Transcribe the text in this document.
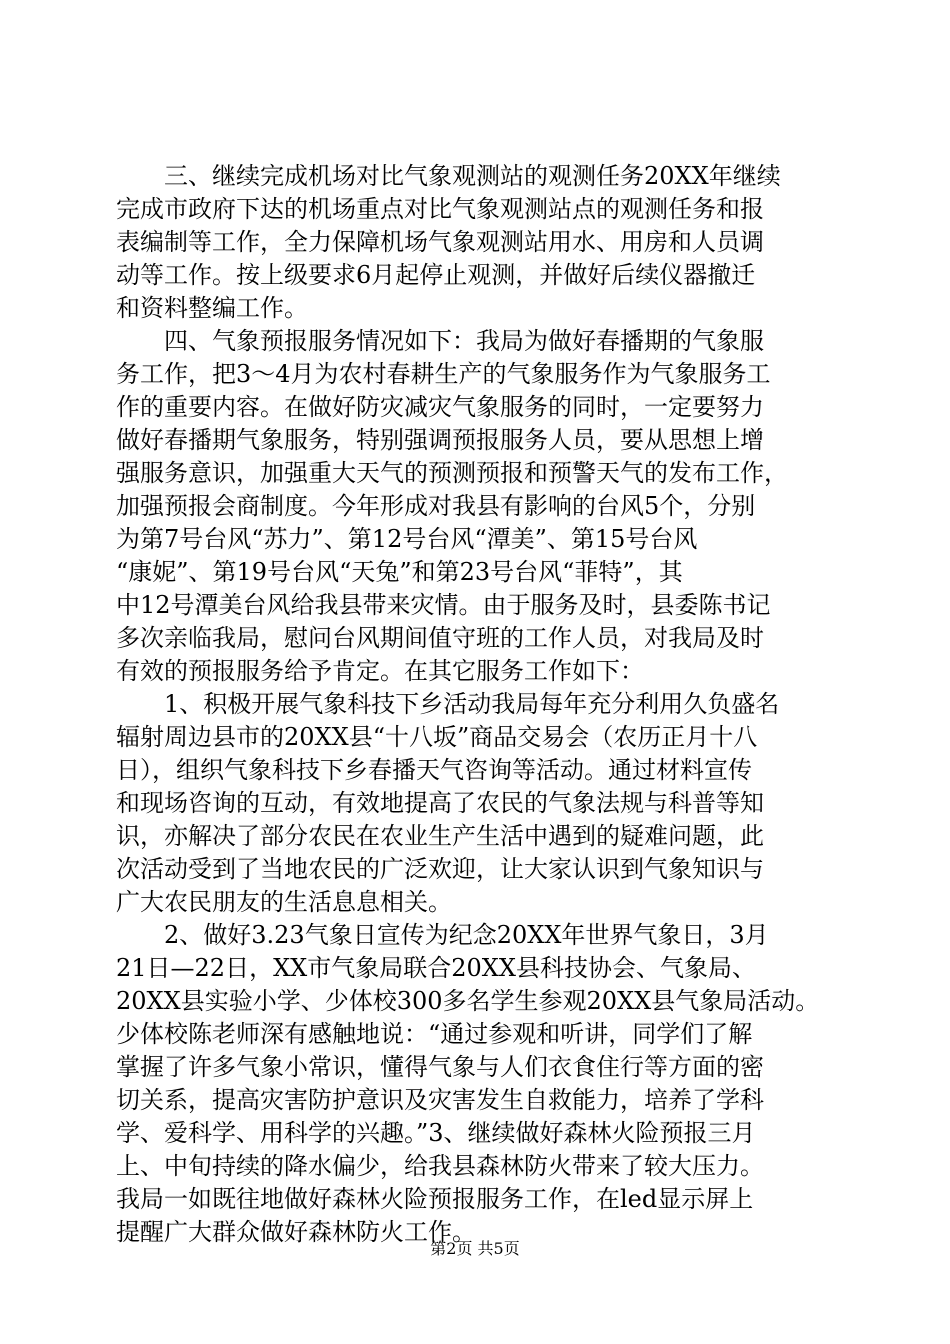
　　三、继续完成机场对比气象观测站的观测任务20XX年继续
完成市政府下达的机场重点对比气象观测站点的观测任务和报
表编制等工作，全力保障机场气象观测站用水、用房和人员调
动等工作。按上级要求6月起停止观测，并做好后续仪器撤迁
和资料整编工作。
　　四、气象预报服务情况如下：我局为做好春播期的气象服
务工作，把3～4月为农村春耕生产的气象服务作为气象服务工
作的重要内容。在做好防灾减灾气象服务的同时，一定要努力
做好春播期气象服务，特别强调预报服务人员，要从思想上增
强服务意识，加强重大天气的预测预报和预警天气的发布工作，
加强预报会商制度。今年形成对我县有影响的台风5个，分别
为第7号台风“苏力”、第12号台风“潭美”、第15号台风
“康妮”、第19号台风“天兔”和第23号台风“菲特”，其
中12号潭美台风给我县带来灾情。由于服务及时，县委陈书记
多次亲临我局，慰问台风期间值守班的工作人员，对我局及时
有效的预报服务给予肯定。在其它服务工作如下：
　　1、积极开展气象科技下乡活动我局每年充分利用久负盛名
辐射周边县市的20XX县“十八坂”商品交易会（农历正月十八
日），组织气象科技下乡春播天气咨询等活动。通过材料宣传
和现场咨询的互动，有效地提高了农民的气象法规与科普等知
识，亦解决了部分农民在农业生产生活中遇到的疑难问题，此
次活动受到了当地农民的广泛欢迎，让大家认识到气象知识与
广大农民朋友的生活息息相关。
　　2、做好3.23气象日宣传为纪念20XX年世界气象日，3月
21日—22日，XX市气象局联合20XX县科技协会、气象局、
20XX县实验小学、少体校300多名学生参观20XX县气象局活动。
少体校陈老师深有感触地说：“通过参观和听讲，同学们了解
掌握了许多气象小常识，懂得气象与人们衣食住行等方面的密
切关系，提高灾害防护意识及灾害发生自救能力，培养了学科
学、爱科学、用科学的兴趣。”3、继续做好森林火险预报三月
上、中旬持续的降水偏少，给我县森林防火带来了较大压力。
我局一如既往地做好森林火险预报服务工作，在led显示屏上
提醒广大群众做好森林防火工作。
第2页 共5页
